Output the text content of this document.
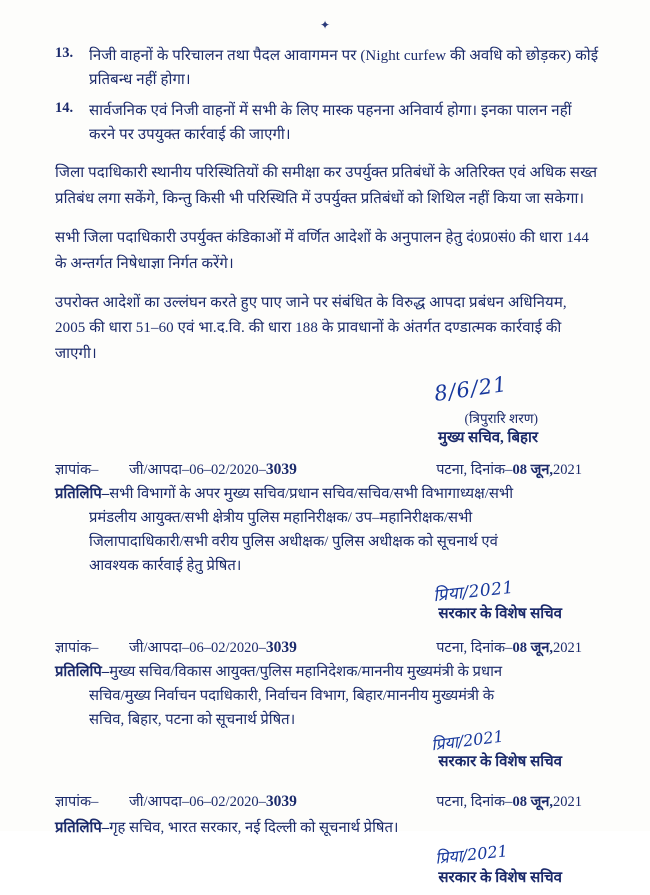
✦
13.	निजी वाहनों के परिचालन तथा पैदल आवागमन पर (Night curfew की अवधि को छोड़कर) कोई प्रतिबन्ध नहीं होगा।
14.	सार्वजनिक एवं निजी वाहनों में सभी के लिए मास्क पहनना अनिवार्य होगा। इनका पालन नहीं करने पर उपयुक्त कार्रवाई की जाएगी।
जिला पदाधिकारी स्थानीय परिस्थितियों की समीक्षा कर उपर्युक्त प्रतिबंधों के अतिरिक्त एवं अधिक सख्त प्रतिबंध लगा सकेंगे, किन्तु किसी भी परिस्थिति में उपर्युक्त प्रतिबंधों को शिथिल नहीं किया जा सकेगा।
सभी जिला पदाधिकारी उपर्युक्त कंडिकाओं में वर्णित आदेशों के अनुपालन हेतु दं0प्र0सं0 की धारा 144 के अन्तर्गत निषेधाज्ञा निर्गत करेंगे।
उपरोक्त आदेशों का उल्लंघन करते हुए पाए जाने पर संबंधित के विरुद्ध आपदा प्रबंधन अधिनियम, 2005 की धारा 51–60 एवं भा.द.वि. की धारा 188 के प्रावधानों के अंतर्गत दण्डात्मक कार्रवाई की जाएगी।
8/6/21
(त्रिपुरारि शरण)
मुख्य सचिव, बिहार
ज्ञापांक– जी/आपदा–06–02/2020–3039	पटना, दिनांक–08 जून,2021
प्रतिलिपि–सभी विभागों के अपर मुख्य सचिव/प्रधान सचिव/सचिव/सभी विभागाध्यक्ष/सभी
प्रमंडलीय आयुक्त/सभी क्षेत्रीय पुलिस महानिरीक्षक/ उप–महानिरीक्षक/सभी
जिलापादाधिकारी/सभी वरीय पुलिस अधीक्षक/ पुलिस अधीक्षक को सूचनार्थ एवं
आवश्यक कार्रवाई हेतु प्रेषित।
प्रिया/2021
सरकार के विशेष सचिव
ज्ञापांक– जी/आपदा–06–02/2020–3039	पटना, दिनांक–08 जून,2021
प्रतिलिपि–मुख्य सचिव/विकास आयुक्त/पुलिस महानिदेशक/माननीय मुख्यमंत्री के प्रधान
सचिव/मुख्य निर्वाचन पदाधिकारी, निर्वाचन विभाग, बिहार/माननीय मुख्यमंत्री के
सचिव, बिहार, पटना को सूचनार्थ प्रेषित।
प्रिया/2021
सरकार के विशेष सचिव
ज्ञापांक– जी/आपदा–06–02/2020–3039	पटना, दिनांक–08 जून,2021
प्रतिलिपि–गृह सचिव, भारत सरकार, नई दिल्ली को सूचनार्थ प्रेषित।
प्रिया/2021
सरकार के विशेष सचिव
